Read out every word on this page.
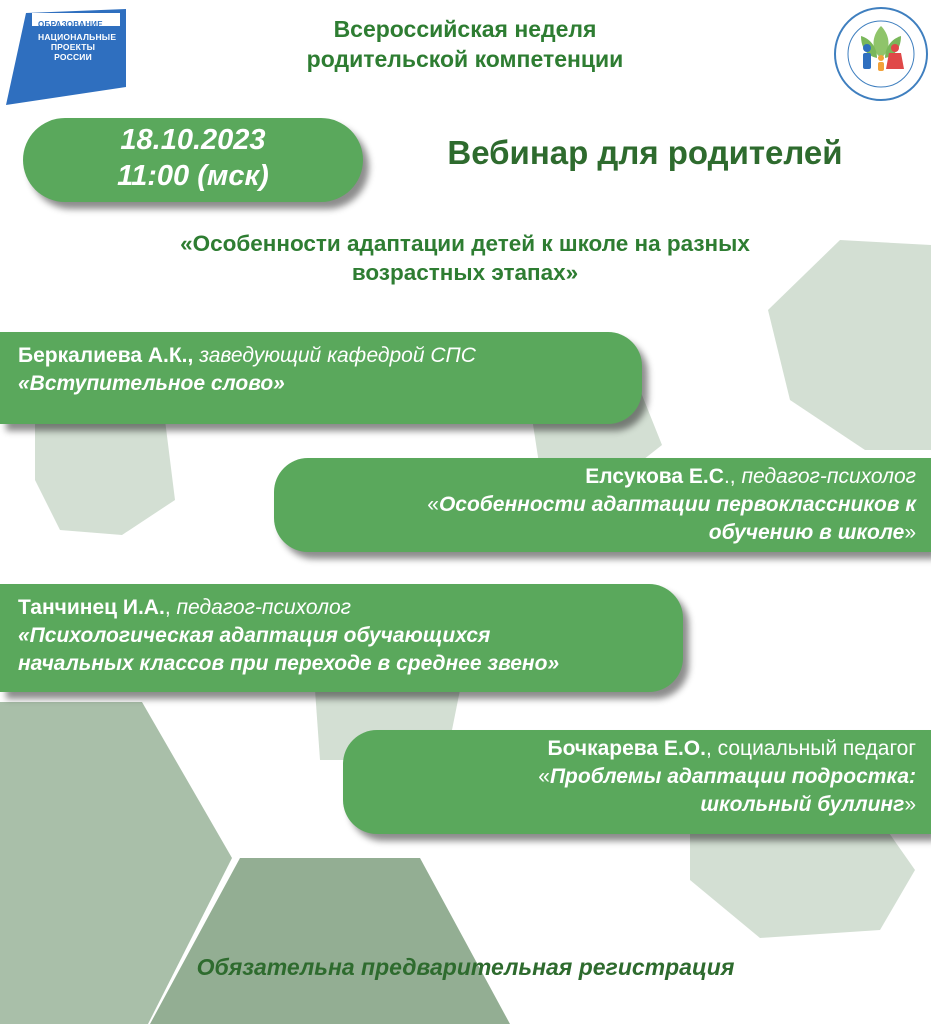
ОБРАЗОВАНИЕ
НАЦИОНАЛЬНЫЕ ПРОЕКТЫ РОССИИ
Всероссийская неделя
родительской компетенции
18.10.2023
11:00 (мск)
Вебинар для родителей
«Особенности адаптации детей к школе на разных
возрастных этапах»
Беркалиева А.К., заведующий кафедрой СПС
«Вступительное слово»
Елсукова Е.С., педагог-психолог
«Особенности адаптации первоклассников к
обучению в школе»
Танчинец И.А., педагог-психолог
«Психологическая адаптация обучающихся
начальных классов при переходе в среднее звено»
Бочкарева Е.О., социальный педагог
«Проблемы адаптации подростка:
школьный буллинг»
Обязательна предварительная регистрация
